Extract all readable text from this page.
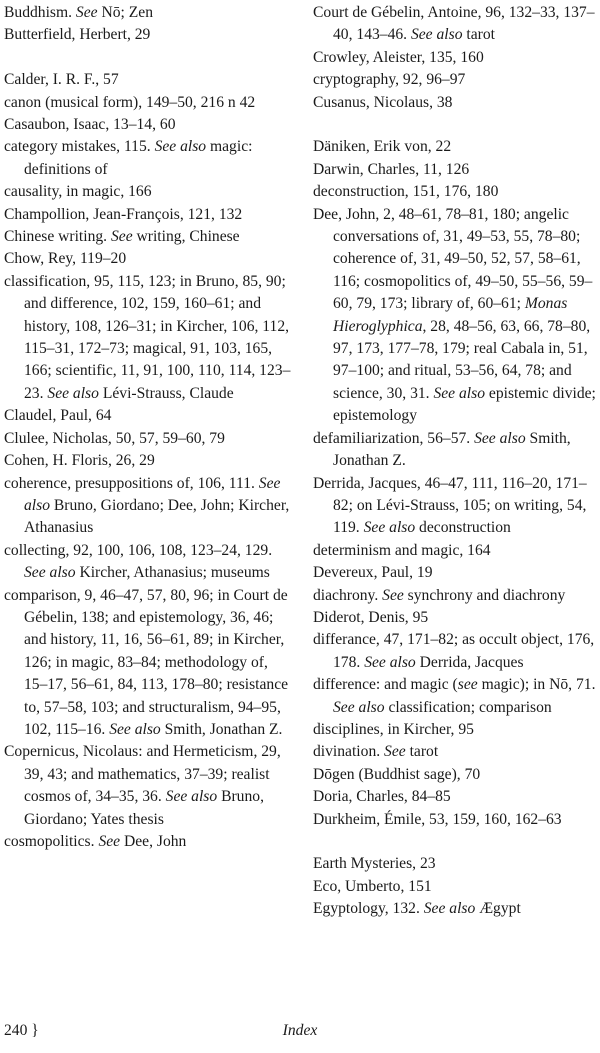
Buddhism. See Nō; Zen
Butterfield, Herbert, 29
Calder, I. R. F., 57
canon (musical form), 149–50, 216 n 42
Casaubon, Isaac, 13–14, 60
category mistakes, 115. See also magic: definitions of
causality, in magic, 166
Champollion, Jean-François, 121, 132
Chinese writing. See writing, Chinese
Chow, Rey, 119–20
classification, 95, 115, 123; in Bruno, 85, 90; and difference, 102, 159, 160–61; and history, 108, 126–31; in Kircher, 106, 112, 115–31, 172–73; magical, 91, 103, 165, 166; scientific, 11, 91, 100, 110, 114, 123–23. See also Lévi-Strauss, Claude
Claudel, Paul, 64
Clulee, Nicholas, 50, 57, 59–60, 79
Cohen, H. Floris, 26, 29
coherence, presuppositions of, 106, 111. See also Bruno, Giordano; Dee, John; Kircher, Athanasius
collecting, 92, 100, 106, 108, 123–24, 129. See also Kircher, Athanasius; museums
comparison, 9, 46–47, 57, 80, 96; in Court de Gébelin, 138; and epistemology, 36, 46; and history, 11, 16, 56–61, 89; in Kircher, 126; in magic, 83–84; methodology of, 15–17, 56–61, 84, 113, 178–80; resistance to, 57–58, 103; and structuralism, 94–95, 102, 115–16. See also Smith, Jonathan Z.
Copernicus, Nicolaus: and Hermeticism, 29, 39, 43; and mathematics, 37–39; realist cosmos of, 34–35, 36. See also Bruno, Giordano; Yates thesis
cosmopolitics. See Dee, John
Court de Gébelin, Antoine, 96, 132–33, 137–40, 143–46. See also tarot
Crowley, Aleister, 135, 160
cryptography, 92, 96–97
Cusanus, Nicolaus, 38
Däniken, Erik von, 22
Darwin, Charles, 11, 126
deconstruction, 151, 176, 180
Dee, John, 2, 48–61, 78–81, 180; angelic conversations of, 31, 49–53, 55, 78–80; coherence of, 31, 49–50, 52, 57, 58–61, 116; cosmopolitics of, 49–50, 55–56, 59–60, 79, 173; library of, 60–61; Monas Hieroglyphica, 28, 48–56, 63, 66, 78–80, 97, 173, 177–78, 179; real Cabala in, 51, 97–100; and ritual, 53–56, 64, 78; and science, 30, 31. See also epistemic divide; epistemology
defamiliarization, 56–57. See also Smith, Jonathan Z.
Derrida, Jacques, 46–47, 111, 116–20, 171–82; on Lévi-Strauss, 105; on writing, 54, 119. See also deconstruction
determinism and magic, 164
Devereux, Paul, 19
diachrony. See synchrony and diachrony
Diderot, Denis, 95
differance, 47, 171–82; as occult object, 176, 178. See also Derrida, Jacques
difference: and magic (see magic); in Nō, 71. See also classification; comparison
disciplines, in Kircher, 95
divination. See tarot
Dōgen (Buddhist sage), 70
Doria, Charles, 84–85
Durkheim, Émile, 53, 159, 160, 162–63
Earth Mysteries, 23
Eco, Umberto, 151
Egyptology, 132. See also Ægypt
240 }	Index
